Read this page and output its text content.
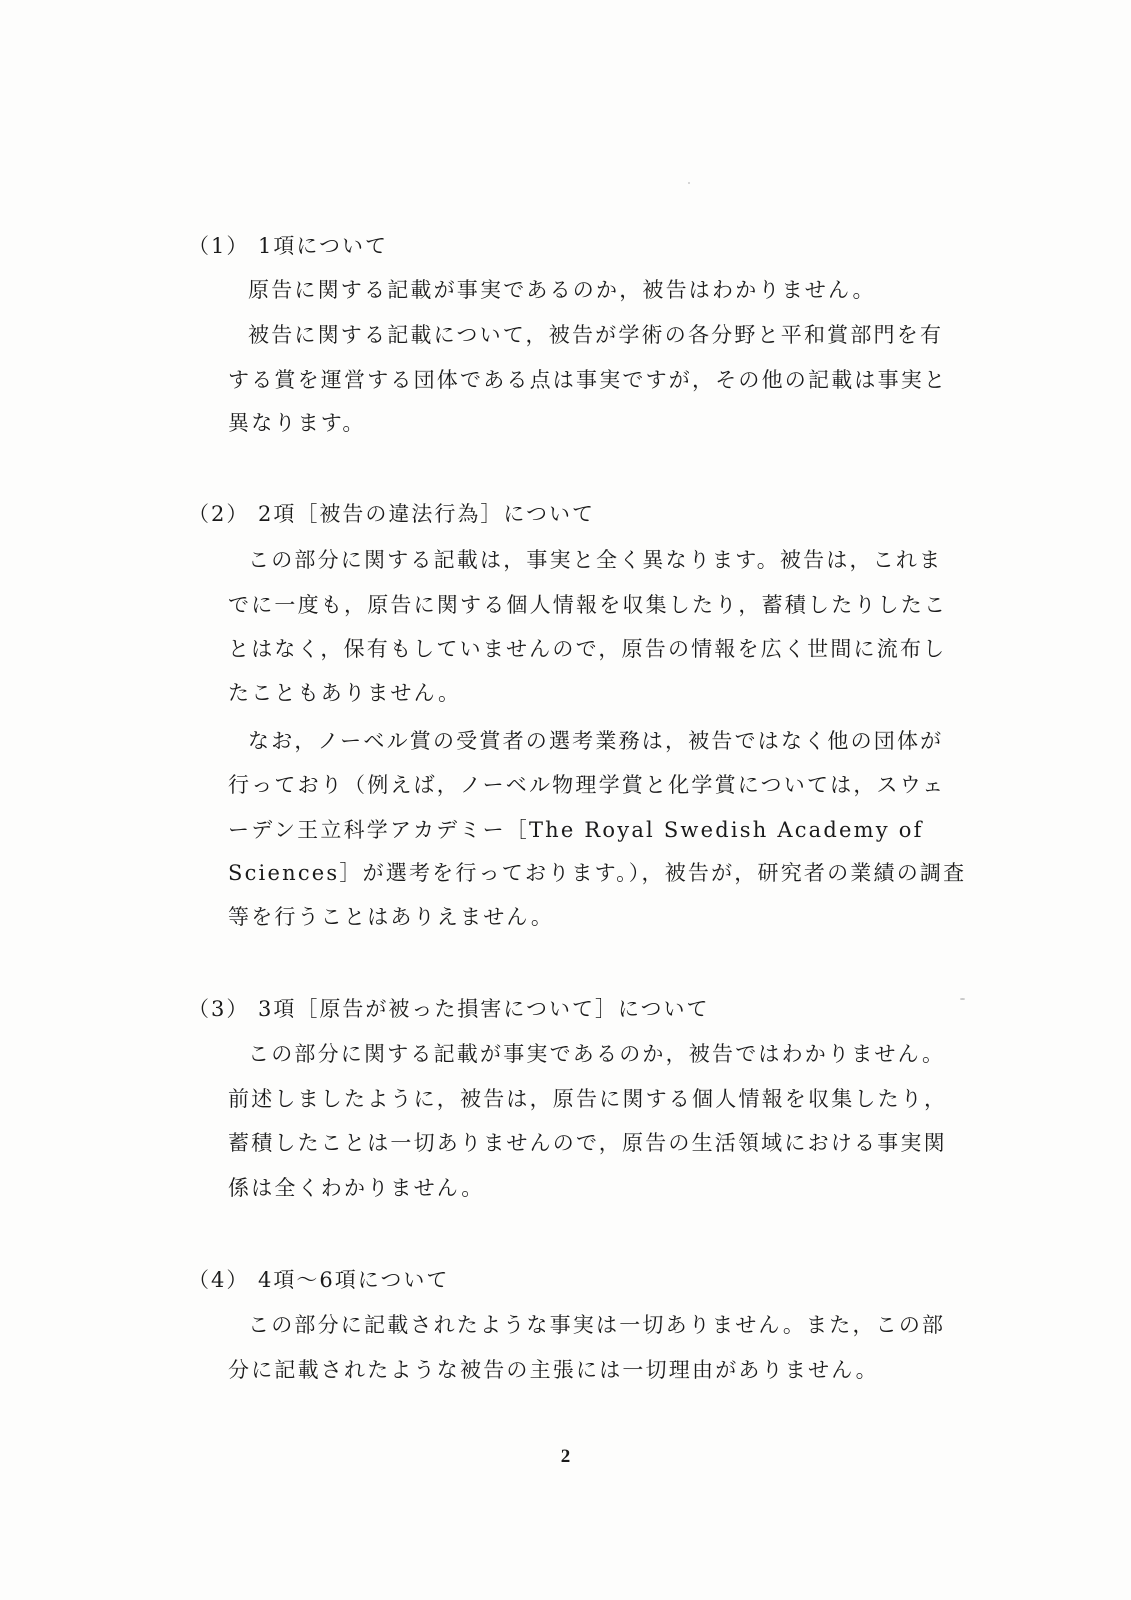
（1） 1項について
原告に関する記載が事実であるのか，被告はわかりません。
被告に関する記載について，被告が学術の各分野と平和賞部門を有
する賞を運営する団体である点は事実ですが，その他の記載は事実と
異なります。
（2） 2項［被告の違法行為］について
この部分に関する記載は，事実と全く異なります。被告は，これま
でに一度も，原告に関する個人情報を収集したり，蓄積したりしたこ
とはなく，保有もしていませんので，原告の情報を広く世間に流布し
たこともありません。
なお，ノーベル賞の受賞者の選考業務は，被告ではなく他の団体が
行っており（例えば，ノーベル物理学賞と化学賞については，スウェ
ーデン王立科学アカデミー［The Royal Swedish Academy of
Sciences］が選考を行っております。），被告が，研究者の業績の調査
等を行うことはありえません。
（3） 3項［原告が被った損害について］について
この部分に関する記載が事実であるのか，被告ではわかりません。
前述しましたように，被告は，原告に関する個人情報を収集したり，
蓄積したことは一切ありませんので，原告の生活領域における事実関
係は全くわかりません。
（4） 4項～6項について
この部分に記載されたような事実は一切ありません。また，この部
分に記載されたような被告の主張には一切理由がありません。
2
